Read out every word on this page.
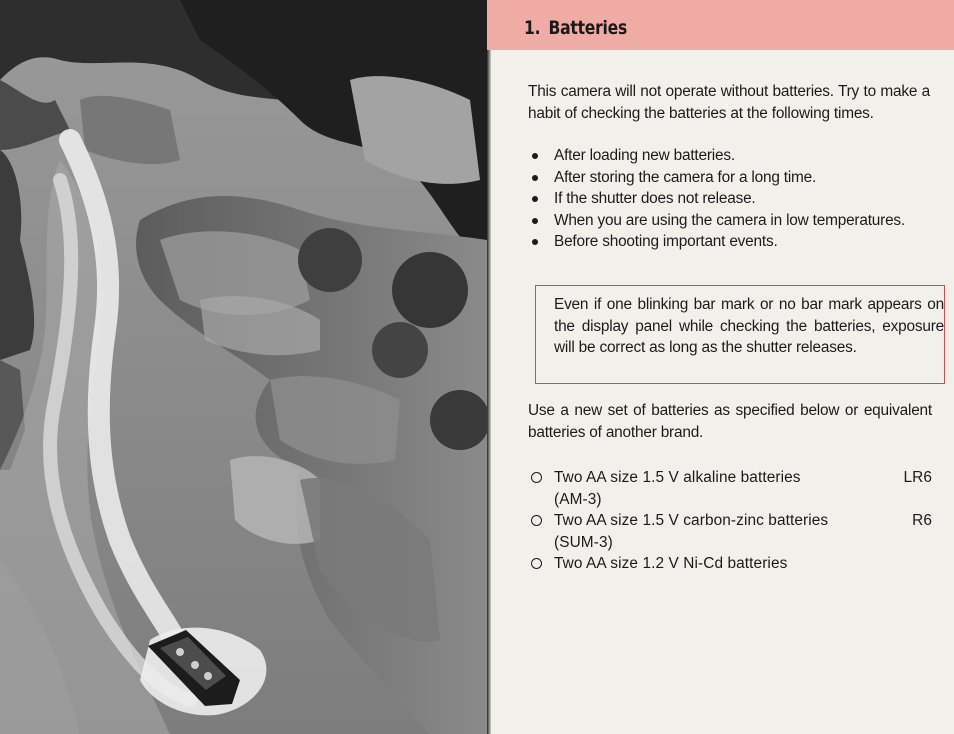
1. Batteries

This camera will not operate without batteries. Try to make a habit of checking the batteries at the following times.

After loading new batteries.
After storing the camera for a long time.
If the shutter does not release.
When you are using the camera in low temperatures.
Before shooting important events.

Even if one blinking bar mark or no bar mark appears on the display panel while checking the batteries, exposure will be correct as long as the shutter releases.

Use a new set of batteries as specified below or equivalent batteries of another brand.

Two AA size 1.5 V alkaline batteries	LR6
(AM-3)
Two AA size 1.5 V carbon-zinc batteries	R6
(SUM-3)
Two AA size 1.2 V Ni-Cd batteries
